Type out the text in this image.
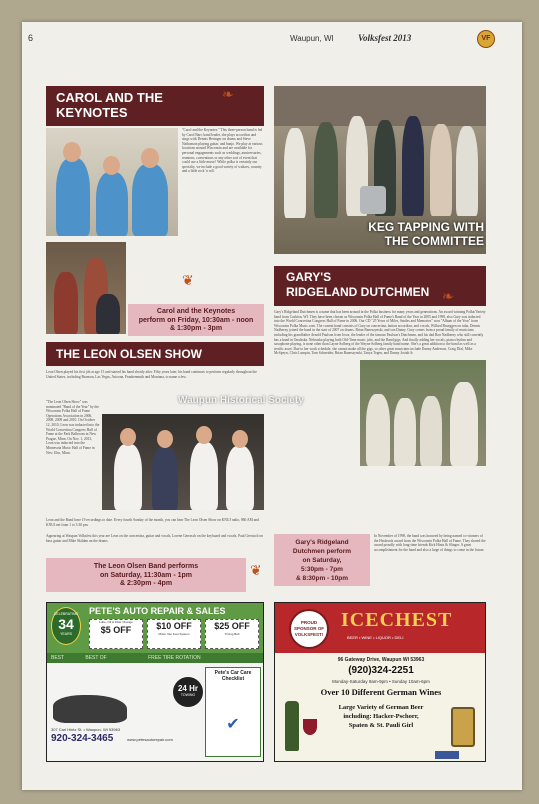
6	Waupun, WI	Volksfest 2013	VF
CAROL AND THE
KEYNOTES
❧
"Carol and the Keynotes." This three-person band is led by Carol Barr, band leader, she plays accordion and sings with Dennis Heringer on drums and Steve Nathanson playing guitar, and banjo. We play at various locations around Wisconsin and are available for personal engagements such as weddings, anniversaries, reunions, conventions or any other sort of event that could use a little music! While polka is certainly our specialty, we include a good variety of waltzes, country and a little rock 'n roll.
❦
Carol and the Keynotes
perform on Friday, 10:30am - noon
& 1:30pm - 3pm
KEG TAPPING WITH
THE COMMITTEE
GARY'S
RIDGELAND DUTCHMEN ❧
Gary's Ridgeland Dutchmen is a name that has been around in the Polka business for many years and generations. An award winning Polka/Variety band from Cashton, WI. They have been chosen as Wisconsin Polka Hall of Fame's Band of the Year in 2005 and 1998, also Gary was inducted into the World Concertina Congress Hall of Fame in 2006. Our CD "25 Years of Miles, Smiles and Memories" won "Album of the Year" from Wisconsin Polka Music.com. The current band consists of Gary on concertina, button accordion, and vocals, Willard Brueggen on tuba, Dennis Nadberny joined the band in the start of 2007 on drums. Brian Baneszynski, and son Danny. Gary comes from a proud family of musicians including his grandfather Arnold Paulson from Iowa, the leader of the famous Paulson's Dutchmen, and his dad Ron Nadberny who still currently has a band in Onalaska. Nebraska playing both Old-Time music jobs, and the Band gigs. And finally adding her vocals, piano rhythm and saxophone playing, is none other than Layne Solberg of the Wayne Solberg family band name. She's a great addition to the band as well as a terrific asset. Due to her work schedule, she cannot make all the gigs, so other great musicians include Danny Anderson, Craig Dial, Mike McSpeyn, Chris Lumpin, Tom Schneider, Brian Baneszynski, Tanya Tegen, and Danny Josiah Jr.
Gary's Ridgeland
Dutchmen perform
on Saturday,
5:30pm - 7pm
& 8:30pm - 10pm
In November of 1998, the band was honored by being named co-winners of the Hasbrook award from the Wisconsin Polka Hall of Fame. They shared the award proudly with long-time friends Kirk Hintz & Slinger. A great accomplishment for the band and also a large of things to come in the future.
THE LEON OLSEN SHOW
Leon Olsen played his first job at age 15 and started his band shortly after. Fifty years later, his band continues to perform regularly throughout the United States, including Branson, Las Vegas, Arizona, Frankenmuth and Montana, to name a few.
"The Leon Olsen Show" was nominated "Band of the Year" by the Wisconsin Polka Hall of Fame Operations Association in 2006, 2008, 2009 and 2010. On October 12, 2010, Leon was inducted into the World Concertina Congress Hall of Fame at the Park Ballroom in New Prague, Minn. On Nov. 1, 2013, Leon was inducted into the Minnesota Music Hall of Fame in New Ulm, Minn.
Leon and the Band have 19 recordings to date. Every fourth Sunday of the month, you can hear The Leon Olsen Show on KNUJ radio, 860 AM and KNUJ.net from 1 to 3:30 pm.
Appearing at Waupun Volksfest this year are Leon on the concertina, guitar and vocals, Lorene Gerrasch on the keyboard and vocals, Paul Gerrasch on bass guitar and Mike Skildan on the drums.
The Leon Olsen Band performs
on Saturday, 11:30am - 1pm
& 2:30pm - 4pm
❦
Waupun Historical Society
CELEBRATING
34
YEARS
PETE'S AUTO REPAIR & SALES
Lube, Oil & Filter Change
$5 OFF	$10 OFF
Motor Vac Fuel System
$25 OFF
Timing Belt
BEST	BEST OF	FREE TIRE ROTATION
24 Hr
TOWING
Pete's Car Care Checklist
✔
307 Carl Hintz St. • Waupun, WI 53963
920-324-3465	www.petesautorepair.com
PROUD
SPONSOR OF
VOLKSFEST!
ICECHEST
BEER • WINE • LIQUOR • DELI
96 Gateway Drive, Waupun WI 53963
(920)324-2251
Monday-Saturday 9am-9pm • Sunday 10am-6pm
Over 10 Different German Wines
Large Variety of German Beer
including: Hacker-Pschorr,
Spaten & St. Pauli Girl
